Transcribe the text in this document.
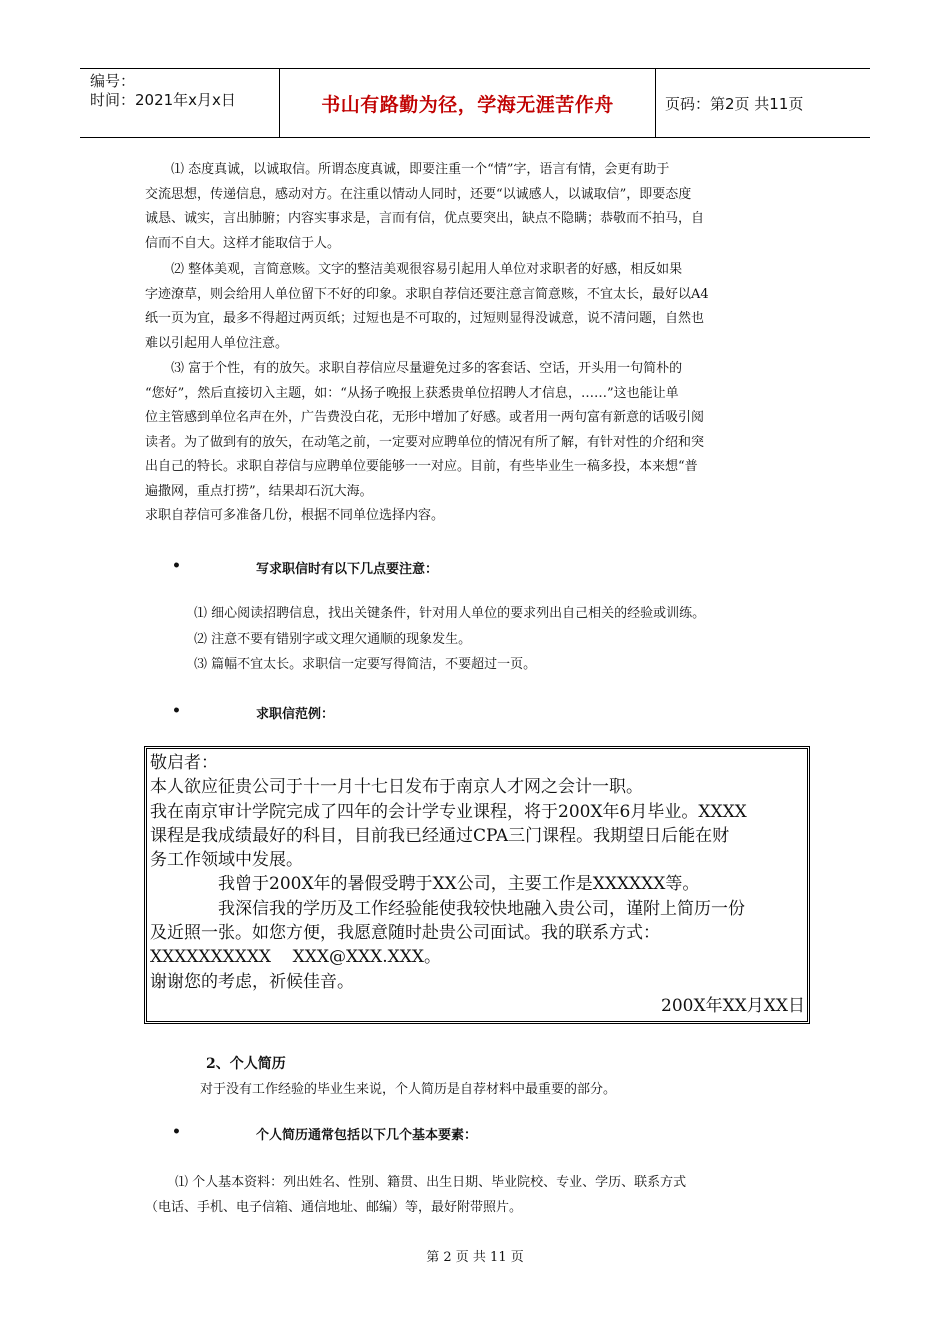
编号：
时间：2021年x月x日	书山有路勤为径，学海无涯苦作舟	页码：第2页 共11页
⑴ 态度真诚，以诚取信。所谓态度真诚，即要注重一个“情”字，语言有情，会更有助于
交流思想，传递信息，感动对方。在注重以情动人同时，还要“以诚感人，以诚取信”，即要态度
诚恳、诚实，言出肺腑；内容实事求是，言而有信，优点要突出，缺点不隐瞒；恭敬而不拍马，自
信而不自大。这样才能取信于人。
⑵ 整体美观，言简意赅。文字的整洁美观很容易引起用人单位对求职者的好感，相反如果
字迹潦草，则会给用人单位留下不好的印象。求职自荐信还要注意言简意赅，不宜太长，最好以A4
纸一页为宜，最多不得超过两页纸；过短也是不可取的，过短则显得没诚意，说不清问题，自然也
难以引起用人单位注意。
⑶ 富于个性，有的放矢。求职自荐信应尽量避免过多的客套话、空话，开头用一句简朴的
“您好”，然后直接切入主题，如：“从扬子晚报上获悉贵单位招聘人才信息，……”这也能让单
位主管感到单位名声在外，广告费没白花，无形中增加了好感。或者用一两句富有新意的话吸引阅
读者。为了做到有的放矢，在动笔之前，一定要对应聘单位的情况有所了解，有针对性的介绍和突
出自己的特长。求职自荐信与应聘单位要能够一一对应。目前，有些毕业生一稿多投，本来想“普
遍撒网，重点打捞”，结果却石沉大海。
求职自荐信可多准备几份，根据不同单位选择内容。
•	写求职信时有以下几点要注意：
⑴ 细心阅读招聘信息，找出关键条件，针对用人单位的要求列出自己相关的经验或训练。
⑵ 注意不要有错别字或文理欠通顺的现象发生。
⑶ 篇幅不宜太长。求职信一定要写得简洁，不要超过一页。
•	求职信范例：
敬启者：
本人欲应征贵公司于十一月十七日发布于南京人才网之会计一职。
我在南京审计学院完成了四年的会计学专业课程，将于200X年6月毕业。XXXX
课程是我成绩最好的科目，目前我已经通过CPA三门课程。我期望日后能在财
务工作领域中发展。
我曾于200X年的暑假受聘于XX公司，主要工作是XXXXXX等。
我深信我的学历及工作经验能使我较快地融入贵公司，谨附上简历一份
及近照一张。如您方便，我愿意随时赴贵公司面试。我的联系方式：
XXXXXXXXXX    XXX@XXX.XXX。
谢谢您的考虑，祈候佳音。
200X年XX月XX日
2、个人简历
对于没有工作经验的毕业生来说，个人简历是自荐材料中最重要的部分。
•	个人简历通常包括以下几个基本要素：
⑴ 个人基本资料：列出姓名、性别、籍贯、出生日期、毕业院校、专业、学历、联系方式
（电话、手机、电子信箱、通信地址、邮编）等，最好附带照片。
第 2 页 共 11 页
